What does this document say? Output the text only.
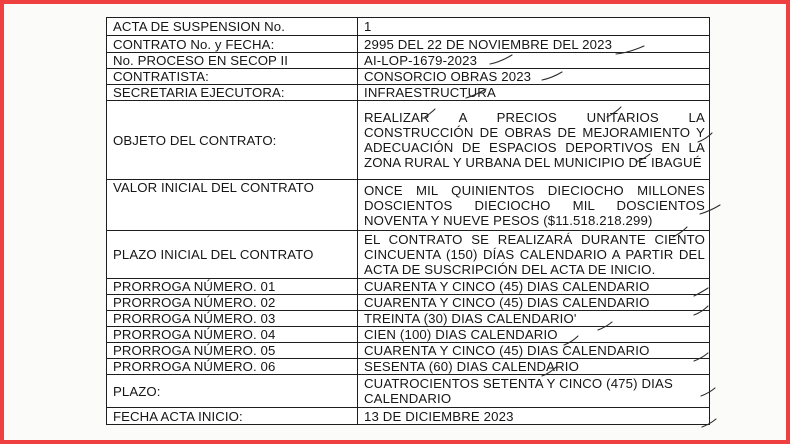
ACTA DE SUSPENSION No.	1
CONTRATO No. y FECHA:	2995 DEL 22 DE NOVIEMBRE DEL 2023
No. PROCESO EN SECOP II	AI-LOP-1679-2023
CONTRATISTA:	CONSORCIO OBRAS 2023
SECRETARIA EJECUTORA:	INFRAESTRUCTURA
OBJETO DEL CONTRATO:	REALIZAR A PRECIOS UNITARIOS LA CONSTRUCCIÓN DE OBRAS DE MEJORAMIENTO Y ADECUACIÓN DE ESPACIOS DEPORTIVOS EN LA ZONA RURAL Y URBANA DEL MUNICIPIO DE IBAGUÉ
VALOR INICIAL DEL CONTRATO	ONCE MIL QUINIENTOS DIECIOCHO MILLONES DOSCIENTOS DIECIOCHO MIL DOSCIENTOS NOVENTA Y NUEVE PESOS ($11.518.218.299)
PLAZO INICIAL DEL CONTRATO	EL CONTRATO SE REALIZARÁ DURANTE CIENTO CINCUENTA (150) DÍAS CALENDARIO A PARTIR DEL ACTA DE SUSCRIPCIÓN DEL ACTA DE INICIO.
PRORROGA NÚMERO. 01	CUARENTA Y CINCO (45) DIAS CALENDARIO
PRORROGA NÚMERO. 02	CUARENTA Y CINCO (45) DIAS CALENDARIO
PRORROGA NÚMERO. 03	TREINTA (30) DIAS CALENDARIO'
PRORROGA NÚMERO. 04	CIEN (100) DIAS CALENDARIO
PRORROGA NÚMERO. 05	CUARENTA Y CINCO (45) DIAS CALENDARIO
PRORROGA NÚMERO. 06	SESENTA (60) DIAS CALENDARIO
PLAZO:	CUATROCIENTOS SETENTA Y CINCO (475) DIAS CALENDARIO
FECHA ACTA INICIO:	13 DE DICIEMBRE 2023
